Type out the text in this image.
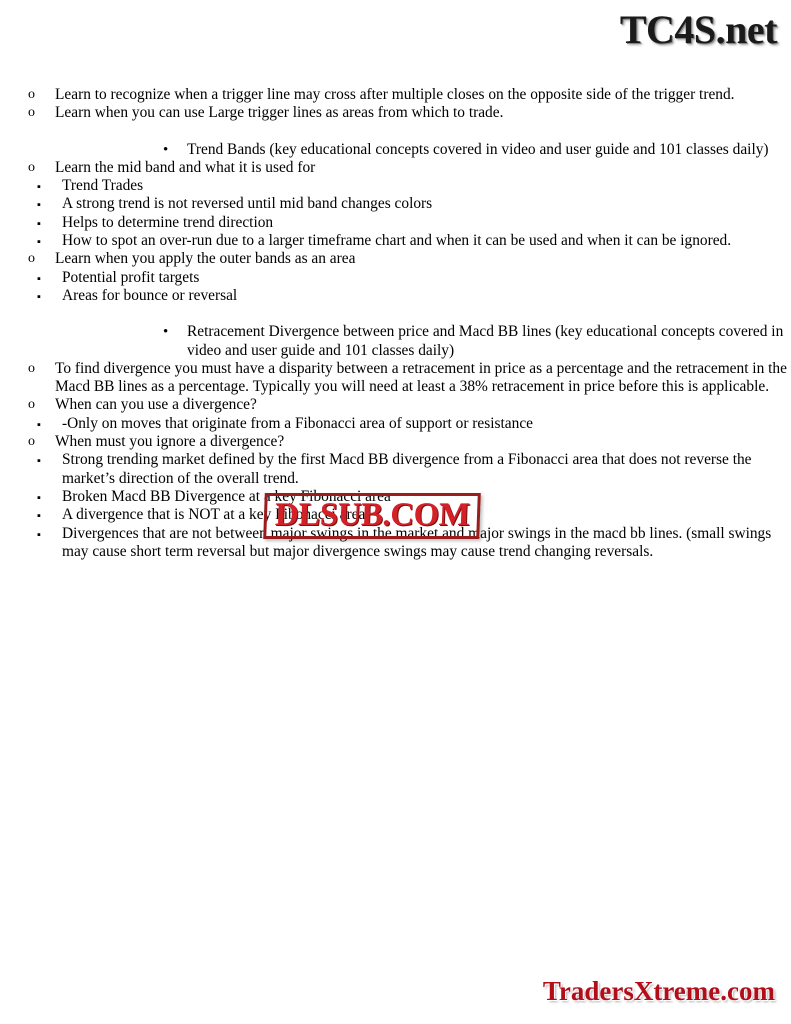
TC4S.net
o Learn to recognize when a trigger line may cross after multiple closes on the opposite side of the trigger trend.
o Learn when you can use Large trigger lines as areas from which to trade.
•	Trend Bands (key educational concepts covered in video and user guide and 101 classes daily)
o Learn the mid band and what it is used for
▪ Trend Trades
▪ A strong trend is not reversed until mid band changes colors
▪ Helps to determine trend direction
▪ How to spot an over-run due to a larger timeframe chart and when it can be used and when it can be ignored.
o Learn when you apply the outer bands as an area
▪ Potential profit targets
▪ Areas for bounce or reversal
•	Retracement Divergence between price and Macd BB lines (key educational concepts covered in video and user guide and 101 classes daily)
o To find divergence you must have a disparity between a retracement in price as a percentage and the retracement in the Macd BB lines as a percentage. Typically you will need at least a 38% retracement in price before this is applicable.
o When can you use a divergence?
▪ -Only on moves that originate from a Fibonacci area of support or resistance
o When must you ignore a divergence?
▪ Strong trending market defined by the first Macd BB divergence from a Fibonacci area that does not reverse the market’s direction of the overall trend.
▪ Broken Macd BB Divergence at a key Fibonacci area
▪ A divergence that is NOT at a key Fibonacci area
▪ Divergences that are not between major swings in the market and major swings in the macd bb lines. (small swings may cause short term reversal but major divergence swings may cause trend changing reversals.
DLSUB.COM
TradersXtreme.com
